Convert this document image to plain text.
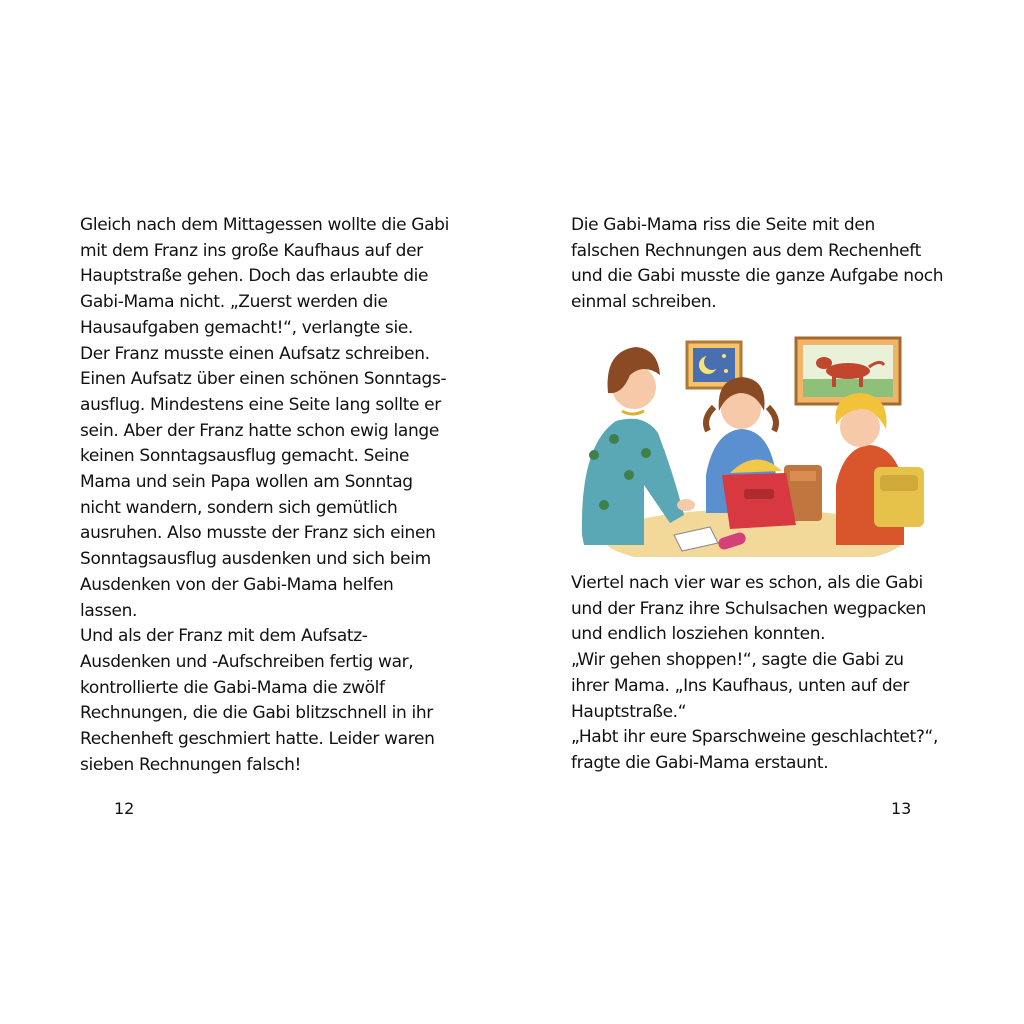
Gleich nach dem Mittagessen wollte die Gabi
mit dem Franz ins große Kaufhaus auf der
Hauptstraße gehen. Doch das erlaubte die
Gabi-Mama nicht. „Zuerst werden die
Hausaufgaben gemacht!“, verlangte sie.
Der Franz musste einen Aufsatz schreiben.
Einen Aufsatz über einen schönen Sonntags-
ausflug. Mindestens eine Seite lang sollte er
sein. Aber der Franz hatte schon ewig lange
keinen Sonntagsausflug gemacht. Seine
Mama und sein Papa wollen am Sonntag
nicht wandern, sondern sich gemütlich
ausruhen. Also musste der Franz sich einen
Sonntagsausflug ausdenken und sich beim
Ausdenken von der Gabi-Mama helfen
lassen.
Und als der Franz mit dem Aufsatz-
Ausdenken und -Aufschreiben fertig war,
kontrollierte die Gabi-Mama die zwölf
Rechnungen, die die Gabi blitzschnell in ihr
Rechenheft geschmiert hatte. Leider waren
sieben Rechnungen falsch!
12
Die Gabi-Mama riss die Seite mit den
falschen Rechnungen aus dem Rechenheft
und die Gabi musste die ganze Aufgabe noch
einmal schreiben.
Viertel nach vier war es schon, als die Gabi
und der Franz ihre Schulsachen wegpacken
und endlich losziehen konnten.
„Wir gehen shoppen!“, sagte die Gabi zu
ihrer Mama. „Ins Kaufhaus, unten auf der
Hauptstraße.“
„Habt ihr eure Sparschweine geschlachtet?“,
fragte die Gabi-Mama erstaunt.
13
